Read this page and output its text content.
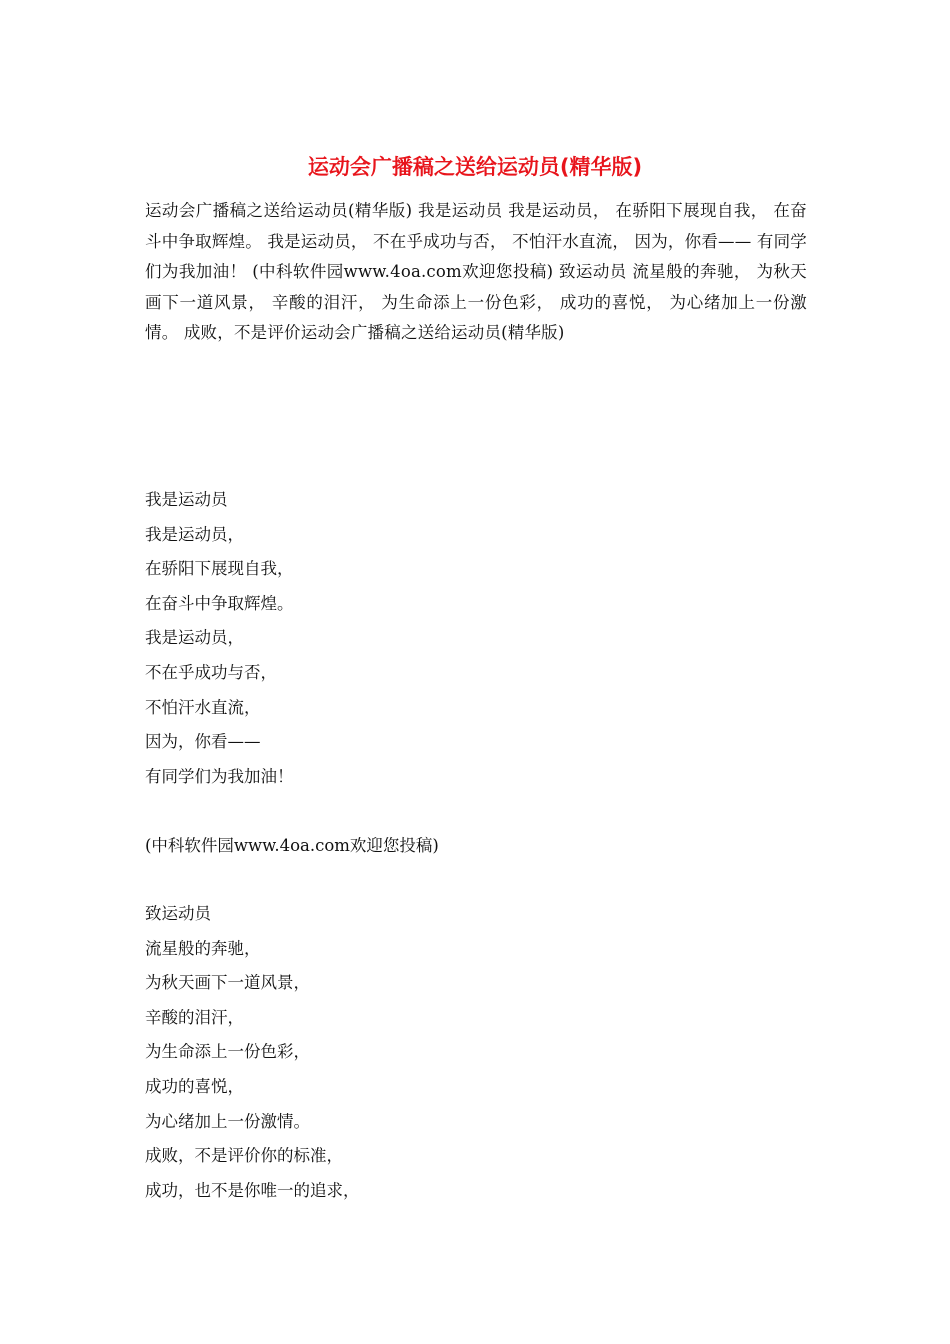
运动会广播稿之送给运动员(精华版)
运动会广播稿之送给运动员(精华版) 我是运动员 我是运动员， 在骄阳下展现自我， 在奋斗中争取辉煌。 我是运动员， 不在乎成功与否， 不怕汗水直流， 因为，你看—— 有同学们为我加油！ (中科软件园www.4oa.com欢迎您投稿) 致运动员 流星般的奔驰， 为秋天画下一道风景， 辛酸的泪汗， 为生命添上一份色彩， 成功的喜悦， 为心绪加上一份激情。 成败，不是评价运动会广播稿之送给运动员(精华版)
我是运动员
我是运动员，
在骄阳下展现自我，
在奋斗中争取辉煌。
我是运动员，
不在乎成功与否，
不怕汗水直流，
因为，你看——
有同学们为我加油！
(中科软件园www.4oa.com欢迎您投稿)
致运动员
流星般的奔驰，
为秋天画下一道风景，
辛酸的泪汗，
为生命添上一份色彩，
成功的喜悦，
为心绪加上一份激情。
成败，不是评价你的标准，
成功，也不是你唯一的追求，
